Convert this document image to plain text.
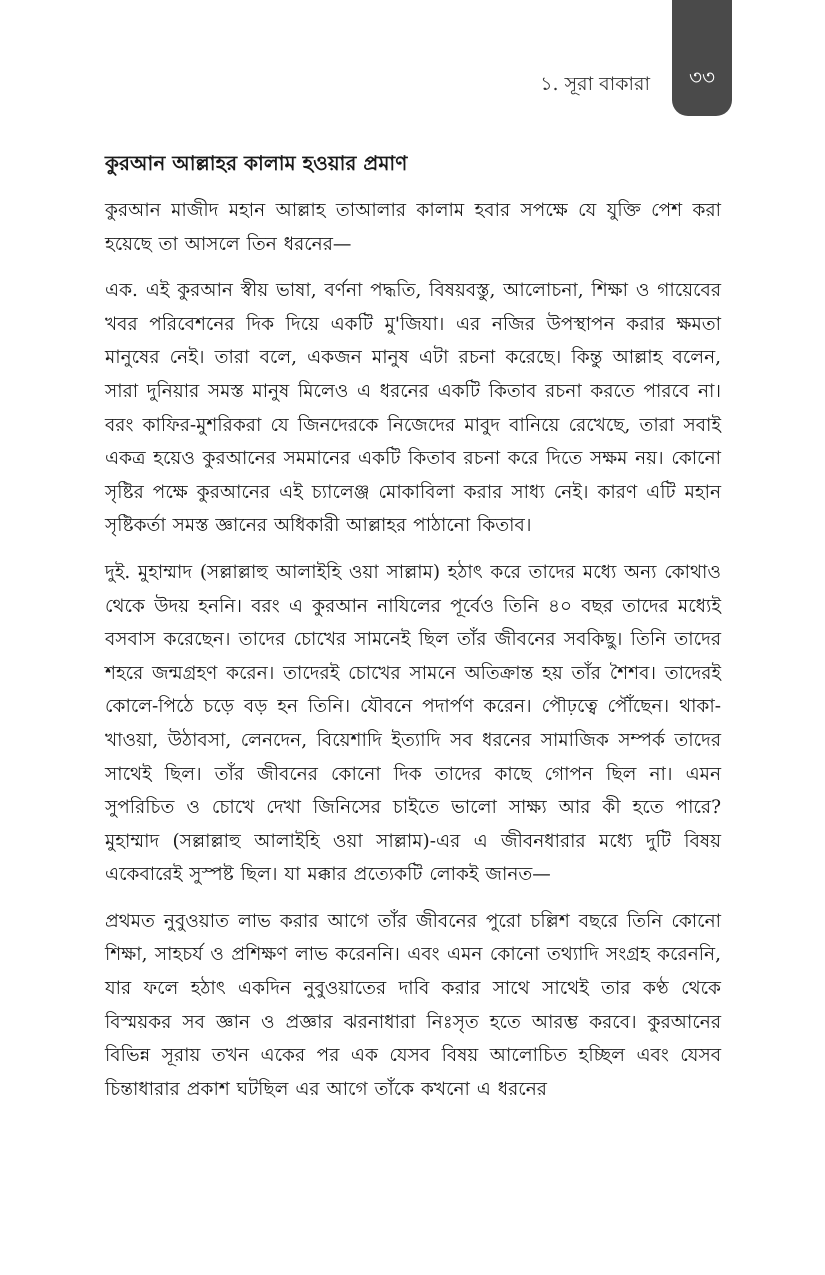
১. সূরা বাকারা ৩৩
কুরআন আল্লাহর কালাম হওয়ার প্রমাণ

কুরআন মাজীদ মহান আল্লাহ তাআলার কালাম হবার সপক্ষে যে যুক্তি পেশ করা হয়েছে তা আসলে তিন ধরনের—

এক. এই কুরআন স্বীয় ভাষা, বর্ণনা পদ্ধতি, বিষয়বস্তু, আলোচনা, শিক্ষা ও গায়েবের খবর পরিবেশনের দিক দিয়ে একটি মু'জিযা। এর নজির উপস্থাপন করার ক্ষমতা মানুষের নেই। তারা বলে, একজন মানুষ এটা রচনা করেছে। কিন্তু আল্লাহ বলেন, সারা দুনিয়ার সমস্ত মানুষ মিলেও এ ধরনের একটি কিতাব রচনা করতে পারবে না। বরং কাফির-মুশরিকরা যে জিনদেরকে নিজেদের মাবুদ বানিয়ে রেখেছে, তারা সবাই একত্র হয়েও কুরআনের সমমানের একটি কিতাব রচনা করে দিতে সক্ষম নয়। কোনো সৃষ্টির পক্ষে কুরআনের এই চ্যালেঞ্জ মোকাবিলা করার সাধ্য নেই। কারণ এটি মহান সৃষ্টিকর্তা সমস্ত জ্ঞানের অধিকারী আল্লাহর পাঠানো কিতাব।

দুই. মুহাম্মাদ (সল্লাল্লাহু আলাইহি ওয়া সাল্লাম) হঠাৎ করে তাদের মধ্যে অন্য কোথাও থেকে উদয় হননি। বরং এ কুরআন নাযিলের পূর্বেও তিনি ৪০ বছর তাদের মধ্যেই বসবাস করেছেন। তাদের চোখের সামনেই ছিল তাঁর জীবনের সবকিছু। তিনি তাদের শহরে জন্মগ্রহণ করেন। তাদেরই চোখের সামনে অতিক্রান্ত হয় তাঁর শৈশব। তাদেরই কোলে-পিঠে চড়ে বড় হন তিনি। যৌবনে পদার্পণ করেন। পৌঢ়ত্বে পৌঁছেন। থাকা-খাওয়া, উঠাবসা, লেনদেন, বিয়েশাদি ইত্যাদি সব ধরনের সামাজিক সম্পর্ক তাদের সাথেই ছিল। তাঁর জীবনের কোনো দিক তাদের কাছে গোপন ছিল না। এমন সুপরিচিত ও চোখে দেখা জিনিসের চাইতে ভালো সাক্ষ্য আর কী হতে পারে? মুহাম্মাদ (সল্লাল্লাহু আলাইহি ওয়া সাল্লাম)-এর এ জীবনধারার মধ্যে দুটি বিষয় একেবারেই সুস্পষ্ট ছিল। যা মক্কার প্রত্যেকটি লোকই জানত—

প্রথমত নুবুওয়াত লাভ করার আগে তাঁর জীবনের পুরো চল্লিশ বছরে তিনি কোনো শিক্ষা, সাহচর্য ও প্রশিক্ষণ লাভ করেননি। এবং এমন কোনো তথ্যাদি সংগ্রহ করেননি, যার ফলে হঠাৎ একদিন নুবুওয়াতের দাবি করার সাথে সাথেই তার কণ্ঠ থেকে বিস্ময়কর সব জ্ঞান ও প্রজ্ঞার ঝরনাধারা নিঃসৃত হতে আরম্ভ করবে। কুরআনের বিভিন্ন সূরায় তখন একের পর এক যেসব বিষয় আলোচিত হচ্ছিল এবং যেসব চিন্তাধারার প্রকাশ ঘটছিল এর আগে তাঁকে কখনো এ ধরনের
